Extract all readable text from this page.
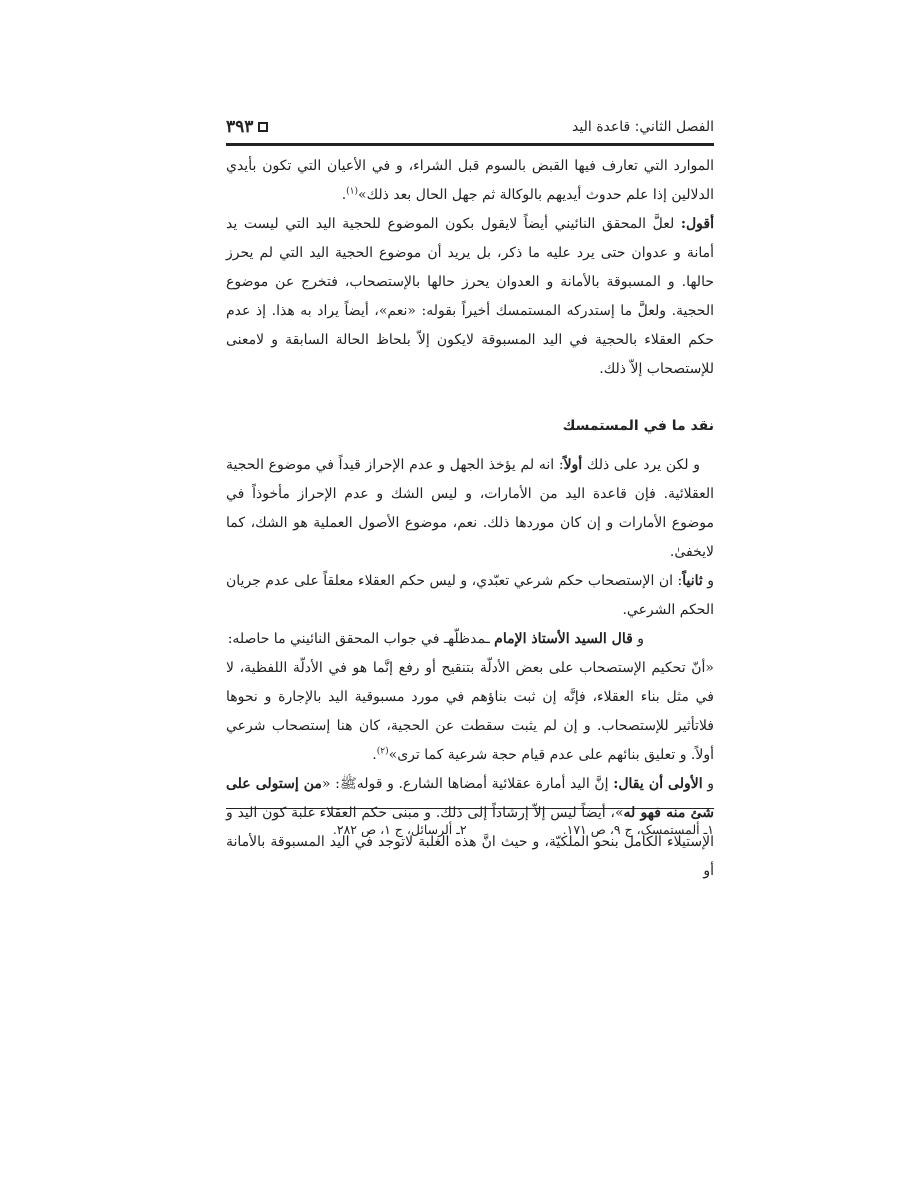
٣٩٣	الفصل الثاني: قاعدة اليد

الموارد التي تعارف فيها القبض بالسوم قبل الشراء، و في الأعيان التي تكون بأيدي الدلالين إذا علم حدوث أيديهم بالوكالة ثم جهل الحال بعد ذلك»$^{(١)}$.

أقول: لعلَّ المحقق النائيني أيضاً لايقول بكون الموضوع للحجية اليد التي ليست يد أمانة و عدوان حتى يرد عليه ما ذكر، بل يريد أن موضوع الحجية اليد التي لم يحرز حالها. و المسبوقة بالأمانة و العدوان يحرز حالها بالإستصحاب، فتخرج عن موضوع الحجية. ولعلَّ ما إستدركه المستمسك أخيراً بقوله: «نعم»، أيضاً يراد به هذا. إذ عدم حكم العقلاء بالحجية في اليد المسبوقة لايكون إلاّ بلحاظ الحالة السابقة و لامعنى للإستصحاب إلاّ ذلك.

نقد ما في المستمسك

و لكن يرد على ذلك أولاً: انه لم يؤخذ الجهل و عدم الإحراز قيداً في موضوع الحجية العقلائية. فإن قاعدة اليد من الأمارات، و ليس الشك و عدم الإحراز مأخوذاً في موضوع الأمارات و إن كان موردها ذلك. نعم، موضوع الأصول العملية هو الشك، كما لايخفىٰ.

و ثانياً: ان الإستصحاب حكم شرعي تعبّدي، و ليس حكم العقلاء معلقاً على عدم جريان الحكم الشرعي.

و قال السيد الأستاذ الإمام ـمدظلّهـ في جواب المحقق النائيني ما حاصله:

«أنّ تحكيم الإستصحاب على بعض الأدلّة بتنقيح أو رفع إنَّما هو في الأدلّة اللفظية، لا في مثل بناء العقلاء، فإنَّه إن ثبت بناؤهم في مورد مسبوقية اليد بالإجارة و نحوها فلاتأثير للإستصحاب. و إن لم يثبت سقطت عن الحجية، كان هنا إستصحاب شرعي أولاً. و تعليق بنائهم على عدم قيام حجة شرعية كما ترى»$^{(٢)}$.

و الأولى أن يقال: إنَّ اليد أمارة عقلائية أمضاها الشارع. و قولهﷺ: «من إستولى على شئ منه فهو له»، أيضاً ليس إلاّ إرشاداً إلى ذلك. و مبنى حكم العقلاء غلبة كون اليد و الإستيلاء الكامل بنحو الملكيّة، و حيث انَّ هذه الغلبة لاتوجد في اليد المسبوقة بالأمانة أو

١ـ ألمستمسک، ج ٩، ص ١٧١.
٢ـ ألرسائل، ج ١، ص ٢٨٢.
